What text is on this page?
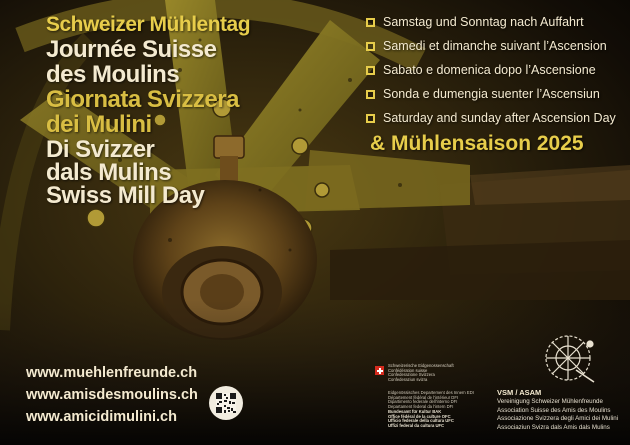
Schweizer Mühlentag

Journée Suisse

des Moulins

Giornata Svizzera

dei Mulini

Di Svizzer

dals Mulins

Swiss Mill Day

Samstag und Sonntag nach Auffahrt
Samedi et dimanche suivant l’Ascension
Sabato e domenica dopo l’Ascensione
Sonda e dumengia suenter l’Ascensiun
Saturday and sunday after Ascension Day

& Mühlensaison 2025

www.muehlenfreunde.ch
www.amisdesmoulins.ch
www.amicidimulini.ch
Schweizerische Eidgenossenschaft
Confédération suisse
Confederazione Svizzera
Confederaziun svizra
Eidgenössisches Departement des Innern EDI
Département fédéral de l’intérieur DFI
Dipartimento federale dell’interno DFI
Departament federal da l’intern DFI
Bundesamt für Kultur BAK
Office fédéral de la culture OFC
Ufficio federale della cultura UFC
Uffizi federal da cultura UFC
VSM / ASAM
Vereinigung Schweizer Mühlenfreunde
Association Suisse des Amis des Moulins
Associazione Svizzera degli Amici dei Mulini
Associaziun Svizra dals Amis dals Mulins
